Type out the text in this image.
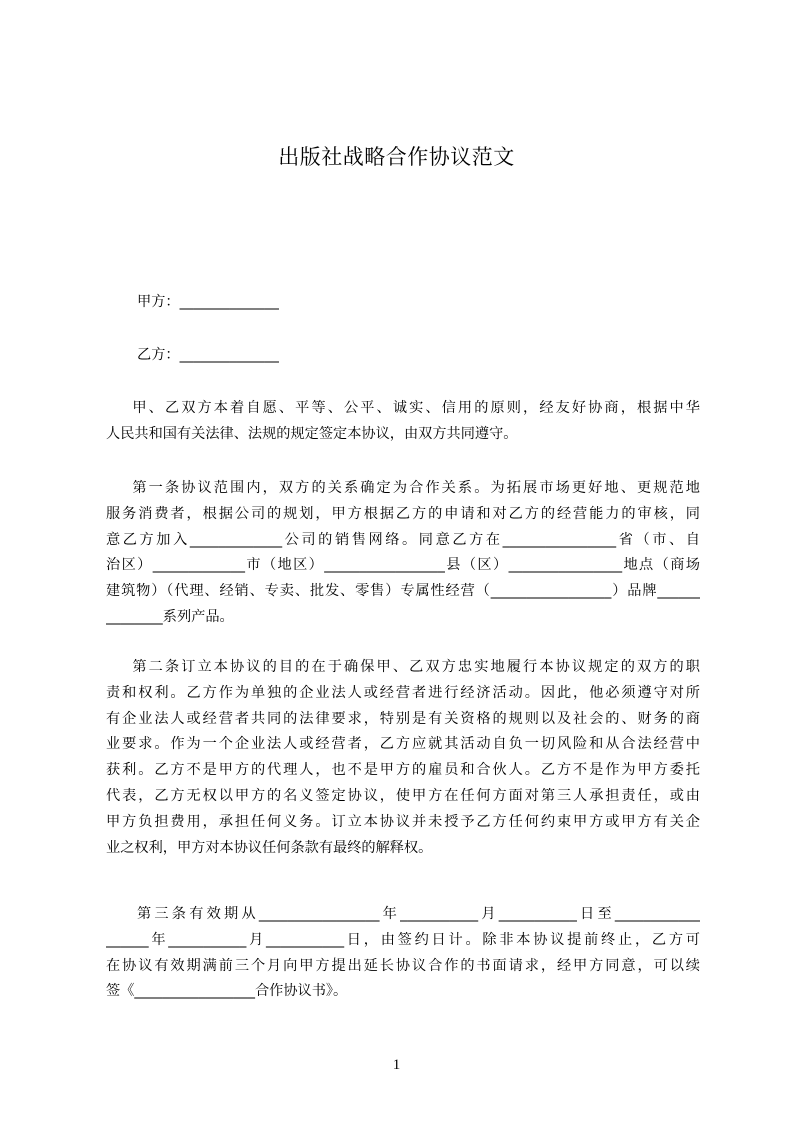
出版社战略合作协议范文

甲方：______________

乙方：______________

甲、乙双方本着自愿、平等、公平、诚实、信用的原则，经友好协商，根据中华
人民共和国有关法律、法规的规定签定本协议，由双方共同遵守。
第一条协议范围内，双方的关系确定为合作关系。为拓展市场更好地、更规范地
服务消费者，根据公司的规划，甲方根据乙方的申请和对乙方的经营能力的审核，同
意乙方加入_____________公司的销售网络。同意乙方在________________省（市、自
治区）_____________市（地区）_________________县（区）________________地点（商场
建筑物）（代理、经销、专卖、批发、零售）专属性经营（_________________）品牌______
________系列产品。
第二条订立本协议的目的在于确保甲、乙双方忠实地履行本协议规定的双方的职
责和权利。乙方作为单独的企业法人或经营者进行经济活动。因此，他必须遵守对所
有企业法人或经营者共同的法律要求，特别是有关资格的规则以及社会的、财务的商
业要求。作为一个企业法人或经营者，乙方应就其活动自负一切风险和从合法经营中
获利。乙方不是甲方的代理人，也不是甲方的雇员和合伙人。乙方不是作为甲方委托
代表，乙方无权以甲方的名义签定协议，使甲方在任何方面对第三人承担责任，或由
甲方负担费用，承担任何义务。订立本协议并未授予乙方任何约束甲方或甲方有关企
业之权利，甲方对本协议任何条款有最终的解释权。
第三条有效期从_________________年___________月___________日至____________
______年___________月___________日，由签约日计。除非本协议提前终止，乙方可
在协议有效期满前三个月向甲方提出延长协议合作的书面请求，经甲方同意，可以续
签《_________________合作协议书》。
1
